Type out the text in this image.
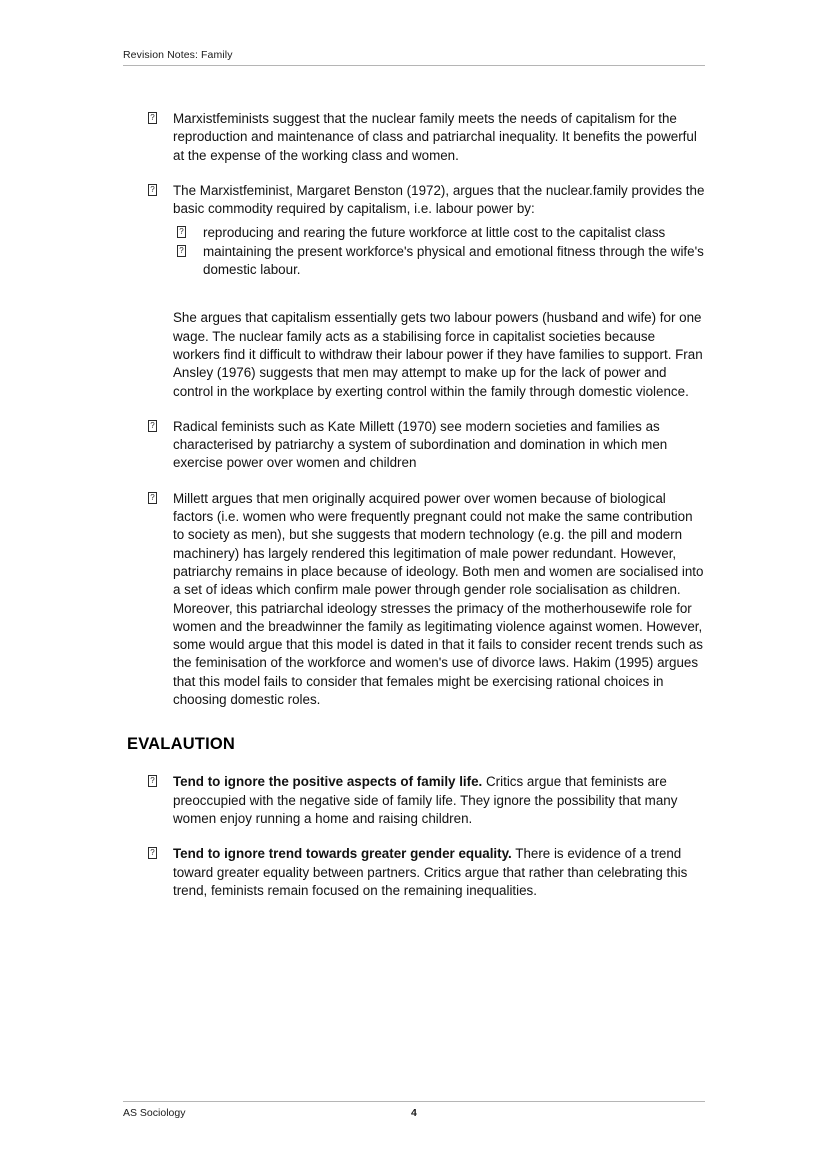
Revision Notes: Family
? Marxistfeminists suggest that the nuclear family meets the needs of capitalism for the reproduction and maintenance of class and patriarchal inequality. It benefits the powerful at the expense of the working class and women.
? The Marxistfeminist, Margaret Benston (1972), argues that the nuclear.family provides the basic commodity required by capitalism, i.e. labour power by:
? reproducing and rearing the future workforce at little cost to the capitalist class
? maintaining the present workforce's physical and emotional fitness through the wife's domestic labour.
She argues that capitalism essentially gets two labour powers (husband and wife) for one wage. The nuclear family acts as a stabilising force in capitalist societies because workers find it difficult to withdraw their labour power if they have families to support. Fran Ansley (1976) suggests that men may attempt to make up for the lack of power and control in the workplace by exerting control within the family through domestic violence.
? Radical feminists such as Kate Millett (1970) see modern societies and families as characterised by patriarchy a system of subordination and domination in which men exercise power over women and children
? Millett argues that men originally acquired power over women because of biological factors (i.e. women who were frequently pregnant could not make the same contribution to society as men), but she suggests that modern technology (e.g. the pill and modern machinery) has largely rendered this legitimation of male power redundant. However, patriarchy remains in place because of ideology. Both men and women are socialised into a set of ideas which confirm male power through gender role socialisation as children. Moreover, this patriarchal ideology stresses the primacy of the motherhousewife role for women and the breadwinner the family as legitimating violence against women. However, some would argue that this model is dated in that it fails to consider recent trends such as the feminisation of the workforce and women's use of divorce laws. Hakim (1995) argues that this model fails to consider that females might be exercising rational choices in choosing domestic roles.
EVALAUTION
? Tend to ignore the positive aspects of family life. Critics argue that feminists are preoccupied with the negative side of family life. They ignore the possibility that many women enjoy running a home and raising children.
? Tend to ignore trend towards greater gender equality. There is evidence of a trend toward greater equality between partners. Critics argue that rather than celebrating this trend, feminists remain focused on the remaining inequalities.
AS Sociology	4
